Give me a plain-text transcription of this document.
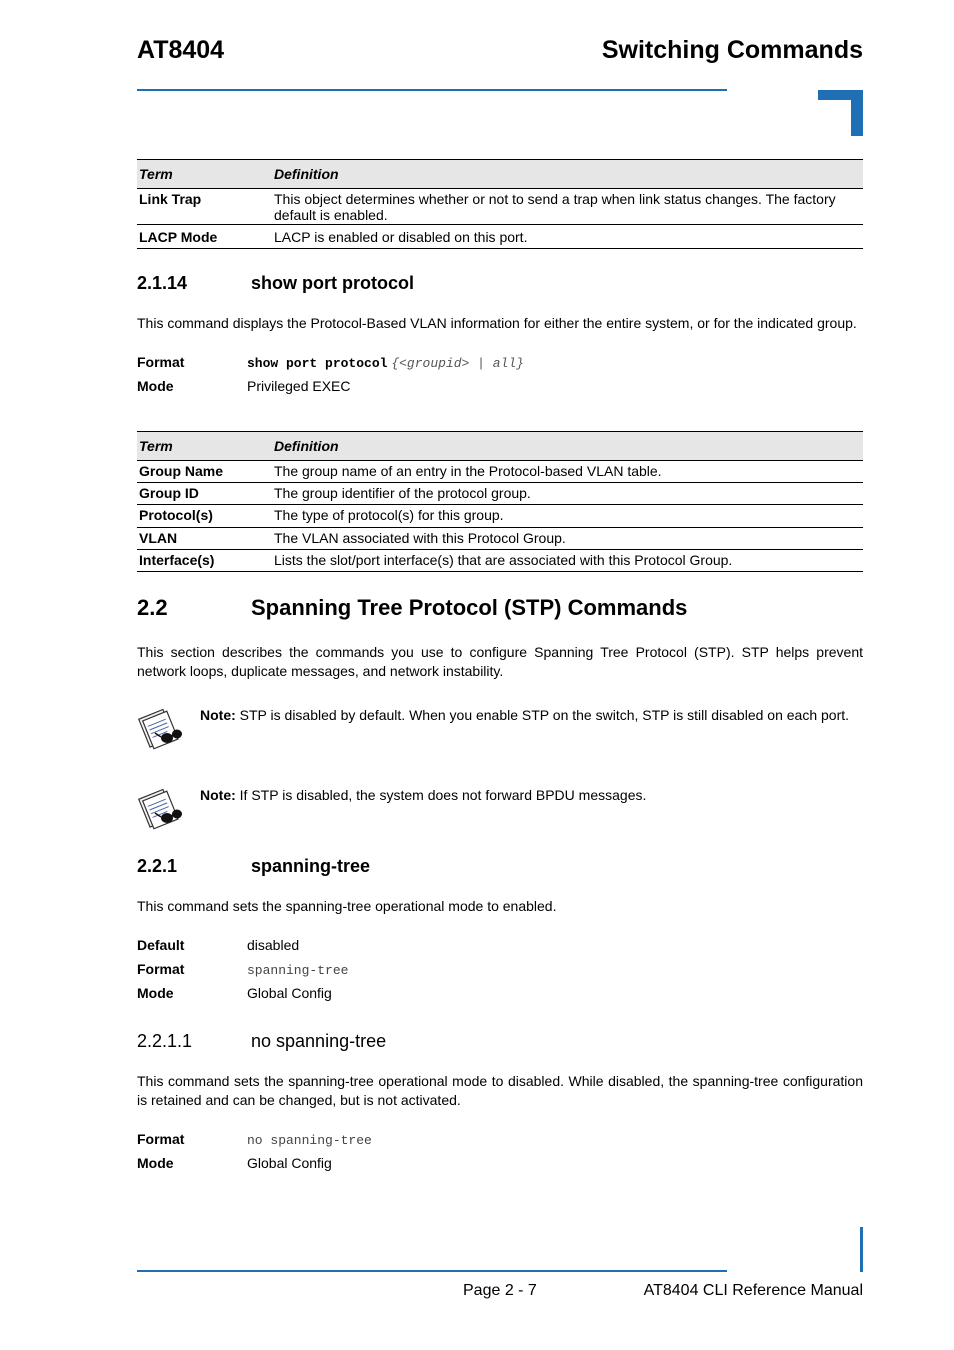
AT8404	Switching Commands
Term	Definition
Link Trap	This object determines whether or not to send a trap when link status changes. The factory default is enabled.
LACP Mode	LACP is enabled or disabled on this port.
2.1.14	show port protocol
This command displays the Protocol-Based VLAN information for either the entire system, or for the indicated group.
Format	show port protocol {<groupid> | all}
Mode	Privileged EXEC
Term	Definition
Group Name	The group name of an entry in the Protocol-based VLAN table.
Group ID	The group identifier of the protocol group.
Protocol(s)	The type of protocol(s) for this group.
VLAN	The VLAN associated with this Protocol Group.
Interface(s)	Lists the slot/port interface(s) that are associated with this Protocol Group.
2.2	Spanning Tree Protocol (STP) Commands
This section describes the commands you use to configure Spanning Tree Protocol (STP). STP helps prevent network loops, duplicate messages, and network instability.
Note: STP is disabled by default. When you enable STP on the switch, STP is still disabled on each port.
Note: If STP is disabled, the system does not forward BPDU messages.
2.2.1	spanning-tree
This command sets the spanning-tree operational mode to enabled.
Default	disabled
Format	spanning-tree
Mode	Global Config
2.2.1.1	no spanning-tree
This command sets the spanning-tree operational mode to disabled. While disabled, the spanning-tree configuration is retained and can be changed, but is not activated.
Format	no spanning-tree
Mode	Global Config
Page 2 - 7	AT8404 CLI Reference Manual
